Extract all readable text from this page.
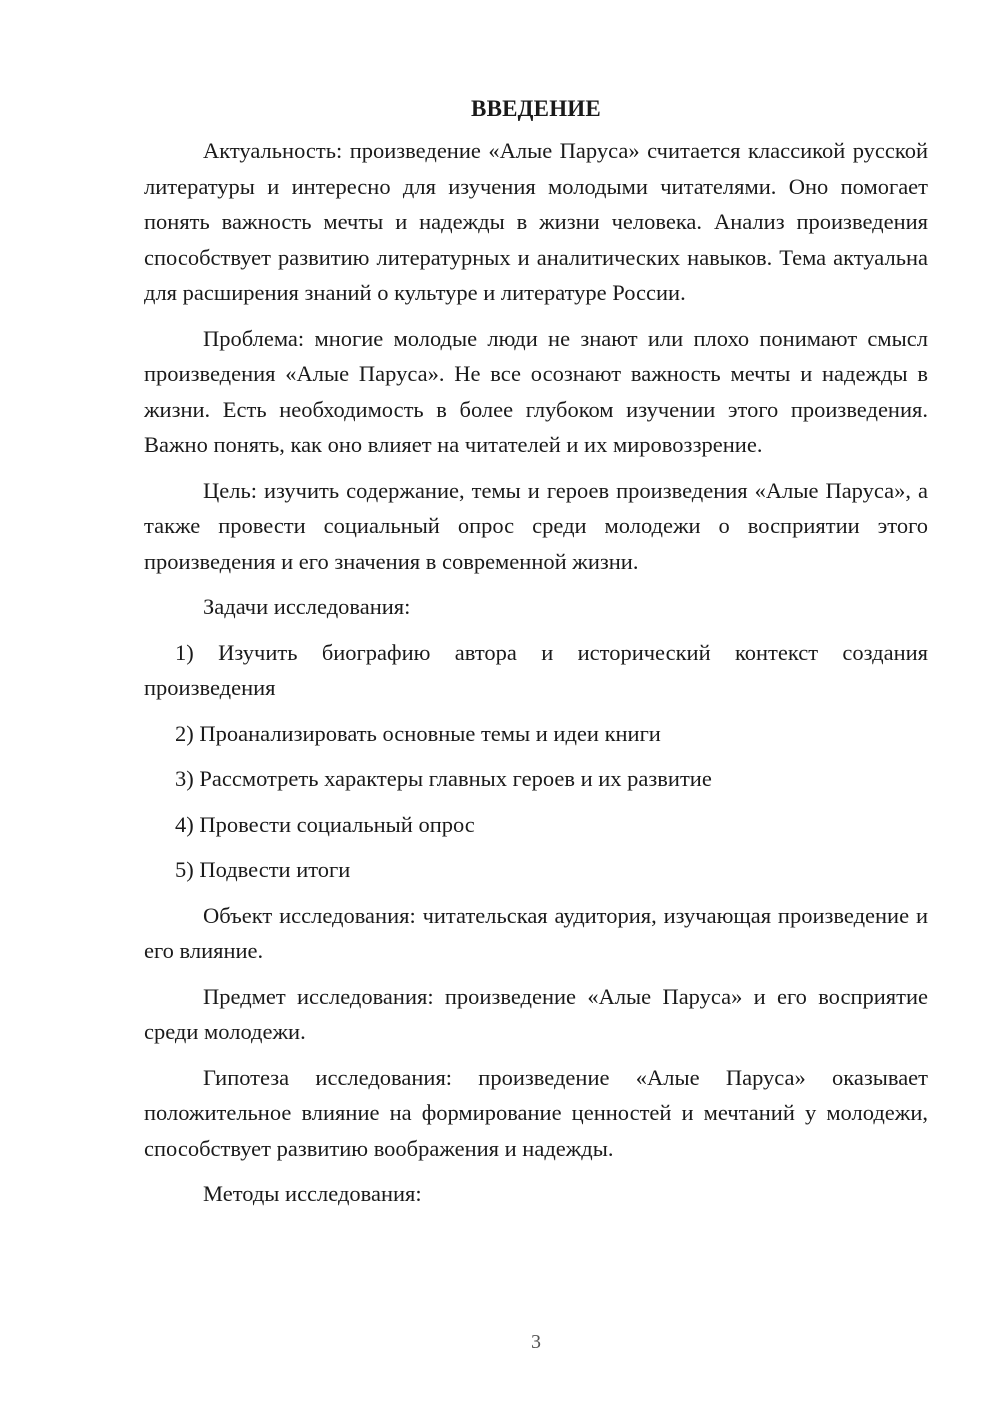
ВВЕДЕНИЕ

Актуальность: произведение «Алые Паруса» считается классикой русской литературы и интересно для изучения молодыми читателями. Оно помогает понять важность мечты и надежды в жизни человека. Анализ произведения способствует развитию литературных и аналитических навыков. Тема актуальна для расширения знаний о культуре и литературе России.

Проблема: многие молодые люди не знают или плохо понимают смысл произведения «Алые Паруса». Не все осознают важность мечты и надежды в жизни. Есть необходимость в более глубоком изучении этого произведения. Важно понять, как оно влияет на читателей и их мировоззрение.

Цель: изучить содержание, темы и героев произведения «Алые Паруса», а также провести социальный опрос среди молодежи о восприятии этого произведения и его значения в современной жизни.

Задачи исследования:

1) Изучить биографию автора и исторический контекст создания произведения

2) Проанализировать основные темы и идеи книги

3) Рассмотреть характеры главных героев и их развитие

4) Провести социальный опрос

5) Подвести итоги

Объект исследования: читательская аудитория, изучающая произведение и его влияние.

Предмет исследования: произведение «Алые Паруса» и его восприятие среди молодежи.

Гипотеза исследования: произведение «Алые Паруса» оказывает положительное влияние на формирование ценностей и мечтаний у молодежи, способствует развитию воображения и надежды.

Методы исследования:

3
